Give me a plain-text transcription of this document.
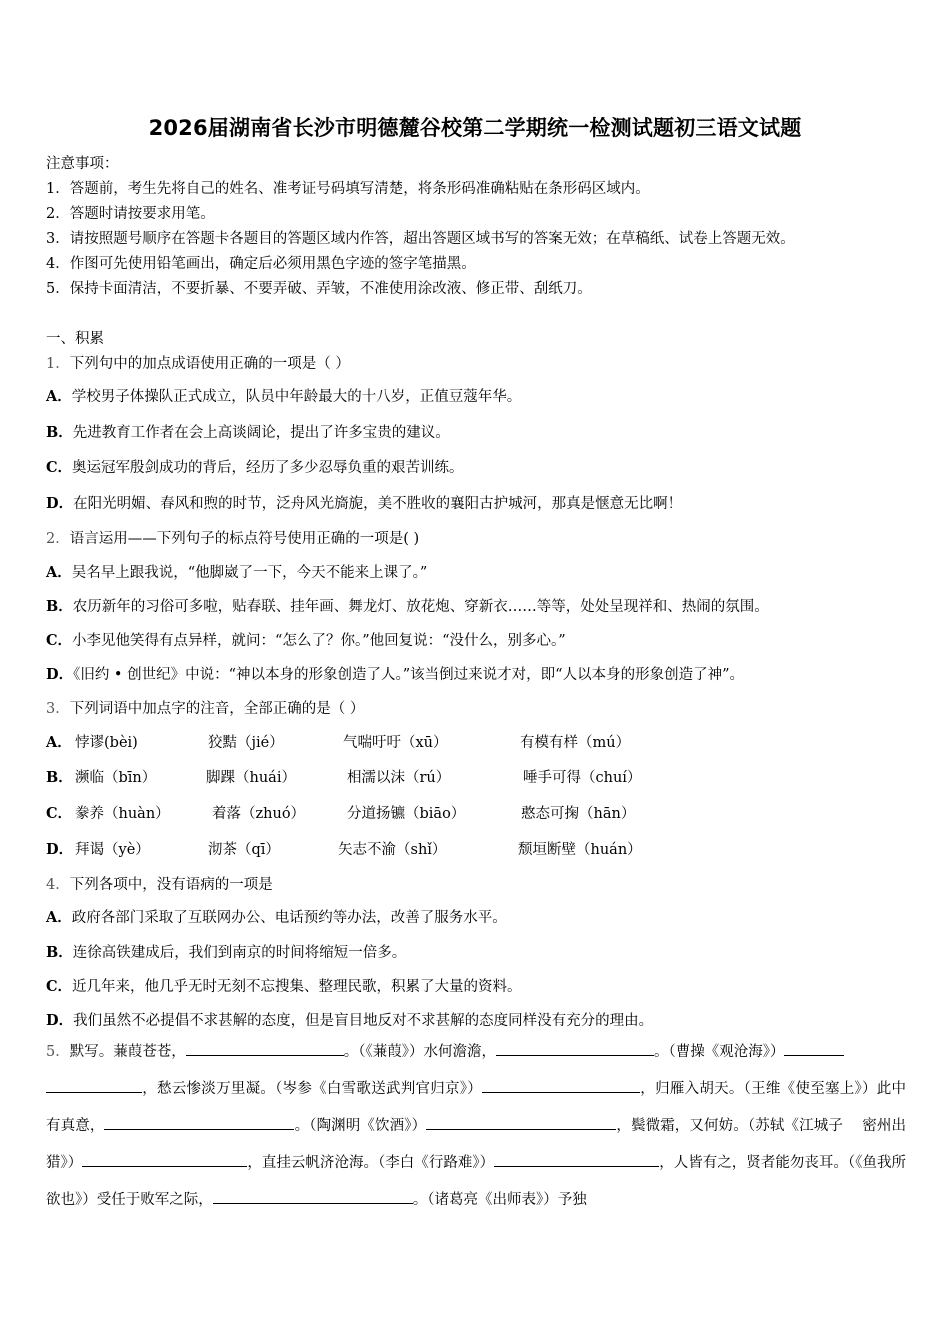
2026届湖南省长沙市明德麓谷校第二学期统一检测试题初三语文试题
注意事项：
1．答题前，考生先将自己的姓名、准考证号码填写清楚，将条形码准确粘贴在条形码区域内。
2．答题时请按要求用笔。
3．请按照题号顺序在答题卡各题目的答题区域内作答，超出答题区域书写的答案无效；在草稿纸、试卷上答题无效。
4．作图可先使用铅笔画出，确定后必须用黑色字迹的签字笔描黑。
5．保持卡面清洁，不要折暴、不要弄破、弄皱，不准使用涂改液、修正带、刮纸刀。
一、积累
1．下列句中的加点成语使用正确的一项是（ ）
A．学校男子体操队正式成立，队员中年龄最大的十八岁，正值豆蔻年华。
B．先进教育工作者在会上高谈阔论，提出了许多宝贵的建议。
C．奥运冠军殷剑成功的背后，经历了多少忍辱负重的艰苦训练。
D．在阳光明媚、春风和煦的时节，泛舟风光旖旎，美不胜收的襄阳古护城河，那真是惬意无比啊！
2．语言运用——下列句子的标点符号使用正确的一项是( )
A．吴名早上跟我说，“他脚崴了一下，今天不能来上课了。”
B．农历新年的习俗可多啦，贴春联、挂年画、舞龙灯、放花炮、穿新衣……等等，处处呈现祥和、热闹的氛围。
C．小李见他笑得有点异样，就问：“怎么了？你。”他回复说：“没什么，别多心。”
D．《旧约 • 创世纪》中说：“神以本身的形象创造了人。”该当倒过来说才对，即“人以本身的形象创造了神”。
3．下列词语中加点字的注音，全部正确的是（ ）
A． 悖谬(bèi)	狡黠（jié）	气喘吁吁（xū）	有模有样（mú）
B． 濒临（bīn）	脚踝（huái）	相濡以沫（rú）	唾手可得（chuí）
C． 豢养（huàn）	着落（zhuó）	分道扬镳（biāo）	憨态可掬（hān）
D． 拜谒（yè）	沏茶（qī）	矢志不渝（shǐ）	颓垣断壁（huán）
4．下列各项中，没有语病的一项是
A．政府各部门采取了互联网办公、电话预约等办法，改善了服务水平。
B．连徐高铁建成后，我们到南京的时间将缩短一倍多。
C．近几年来，他几乎无时无刻不忘搜集、整理民歌，积累了大量的资料。
D．我们虽然不必提倡不求甚解的态度，但是盲目地反对不求甚解的态度同样没有充分的理由。
5．默写。蒹葭苍苍，	。（《蒹葭》）水何澹澹，	。（曹操《观沧海》）
，愁云惨淡万里凝。（岑参《白雪歌送武判官归京》）	，归雁入胡天。（王维《使至塞上》）此中有真意，	。（陶渊明《饮酒》）	，鬓微霜，又何妨。（苏轼《江城子　 密州出猎》）	，直挂云帆济沧海。（李白《行路难》）	，人皆有之，贤者能勿丧耳。（《鱼我所欲也》）受任于败军之际，	。（诸葛亮《出师表》）予独
